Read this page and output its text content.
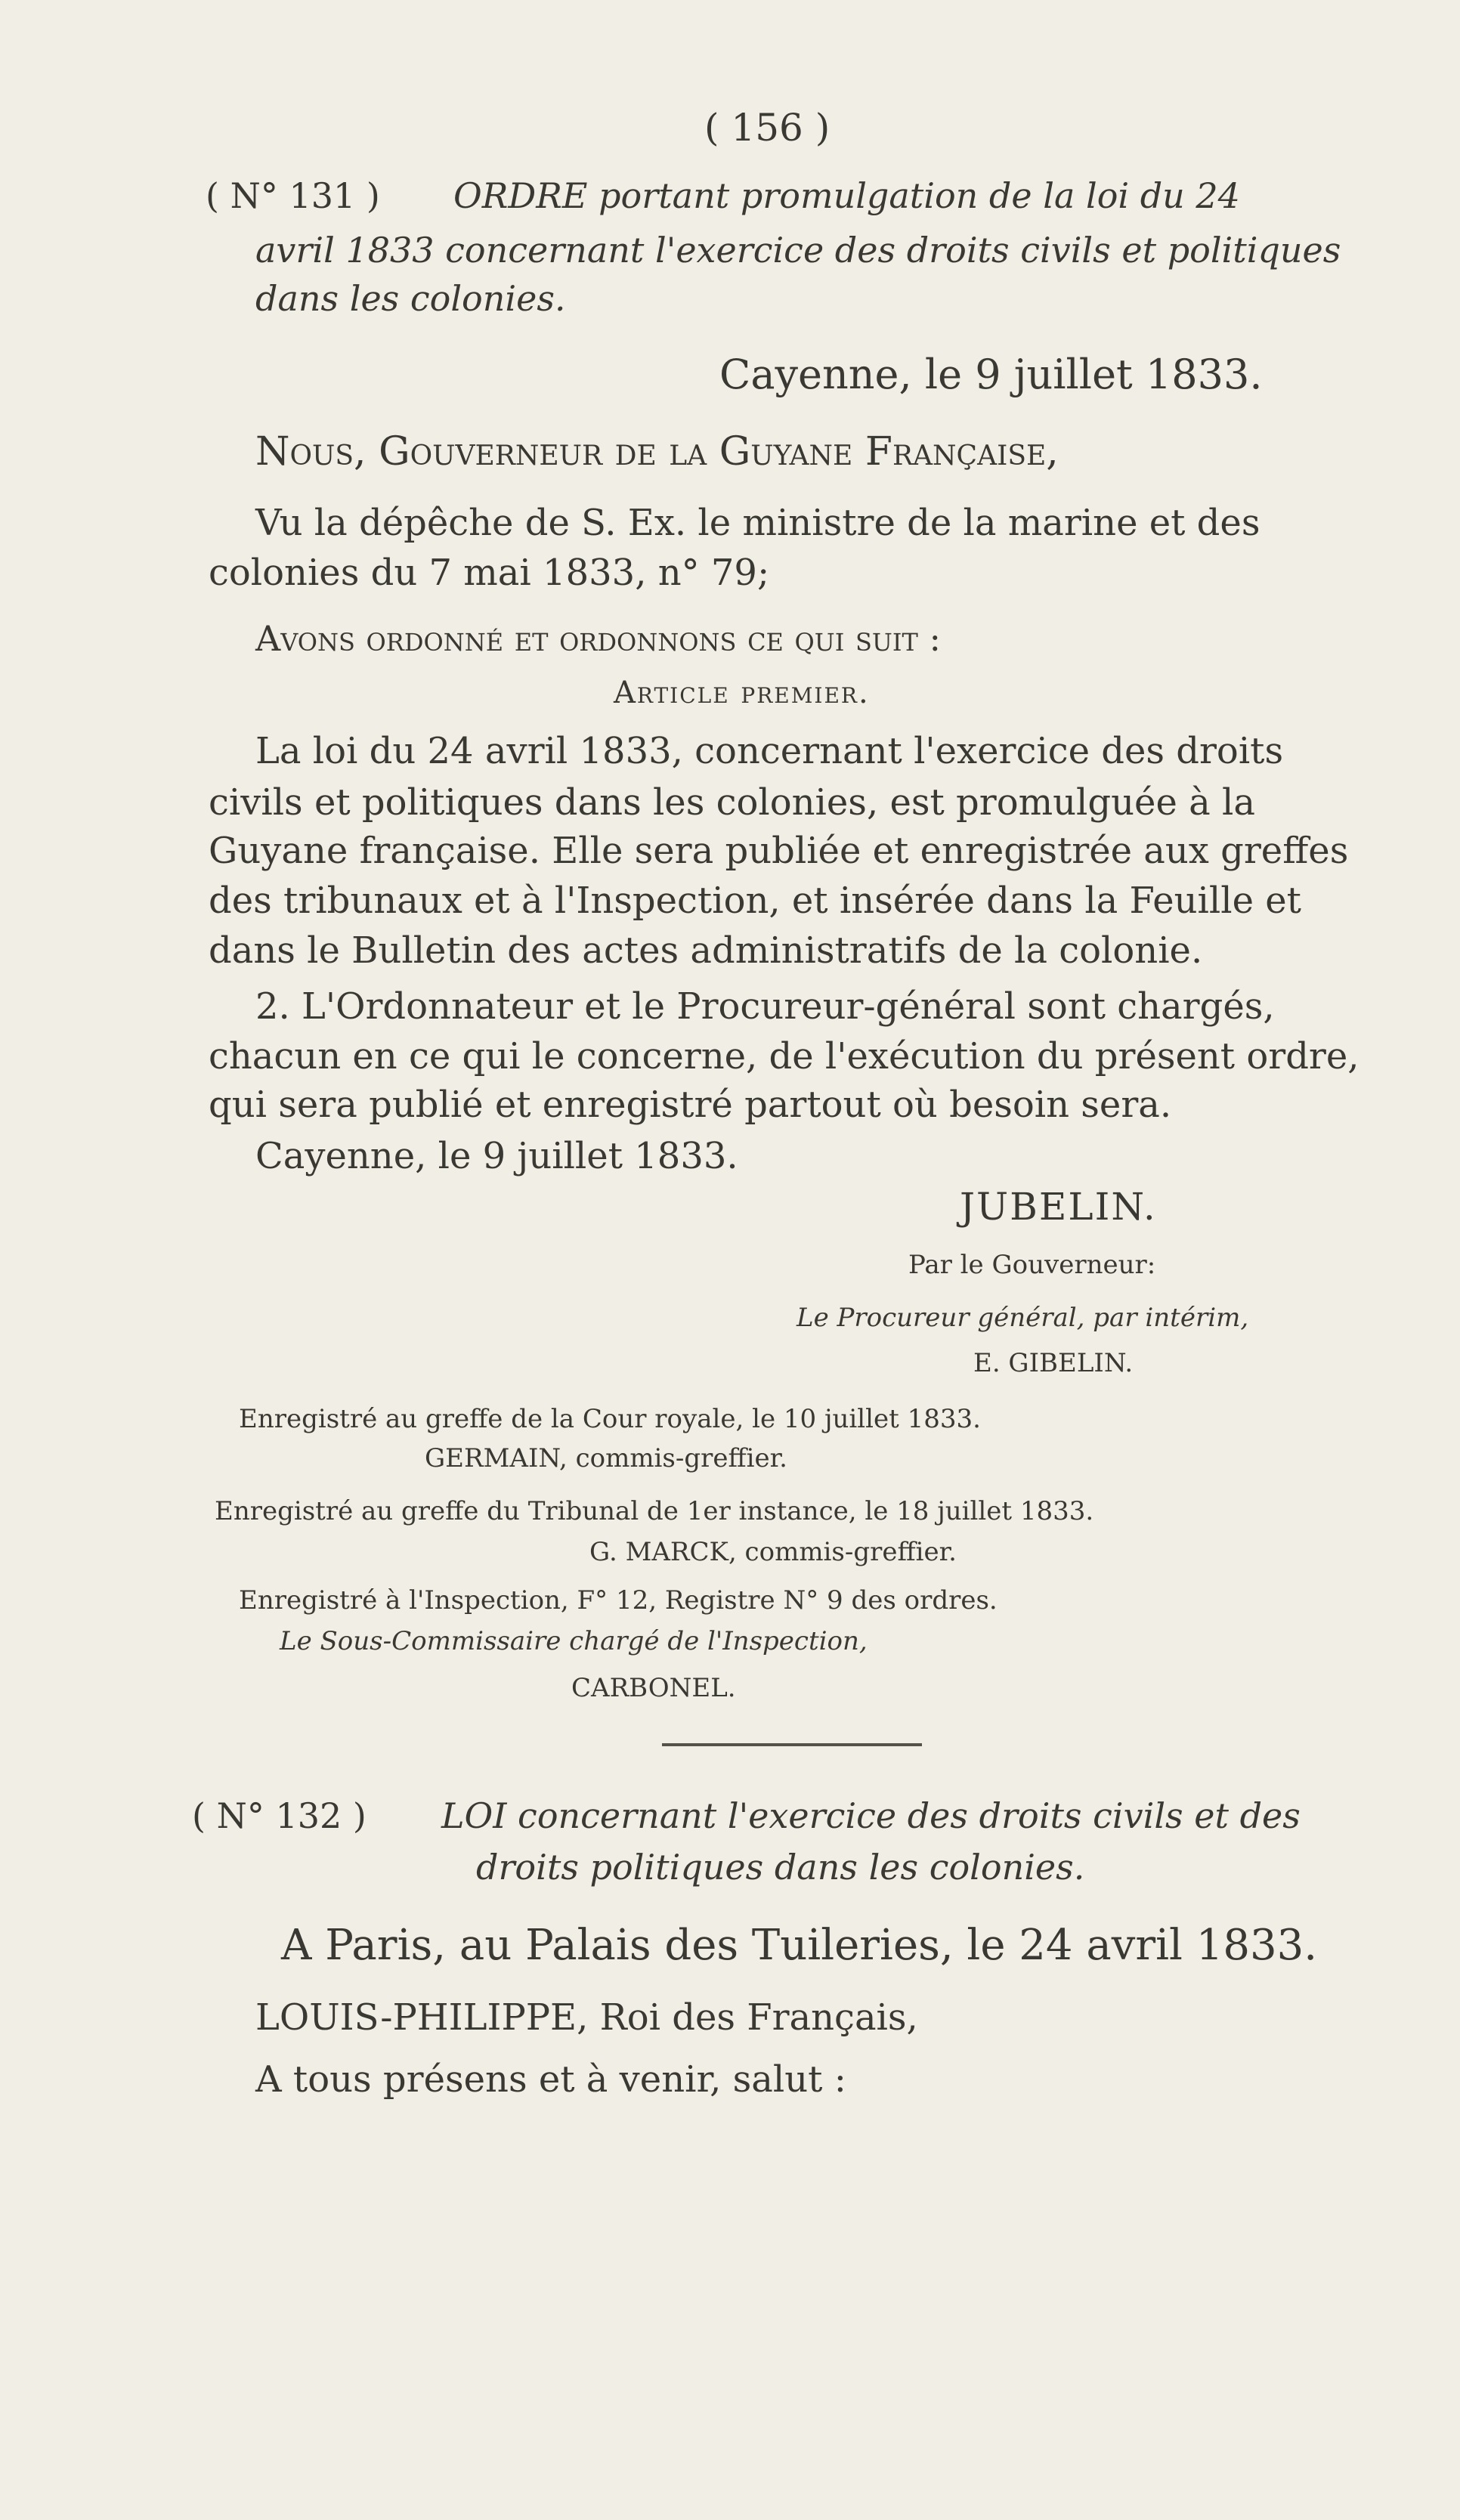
( 156 )
( N° 131 ) ORDRE portant promulgation de la loi du 24
avril 1833 concernant l'exercice des droits civils et politiques
dans les colonies.
Cayenne, le 9 juillet 1833.
Nous, Gouverneur de la Guyane Française,
Vu la dépêche de S. Ex. le ministre de la marine et des
colonies du 7 mai 1833, n° 79;
Avons ordonné et ordonnons ce qui suit :
Article premier.
La loi du 24 avril 1833, concernant l'exercice des droits
civils et politiques dans les colonies, est promulguée à la
Guyane française. Elle sera publiée et enregistrée aux greffes
des tribunaux et à l'Inspection, et insérée dans la Feuille et
dans le Bulletin des actes administratifs de la colonie.
2. L'Ordonnateur et le Procureur-général sont chargés,
chacun en ce qui le concerne, de l'exécution du présent ordre,
qui sera publié et enregistré partout où besoin sera.
Cayenne, le 9 juillet 1833.
JUBELIN.
Par le Gouverneur:
Le Procureur général, par intérim,
E. GIBELIN.
Enregistré au greffe de la Cour royale, le 10 juillet 1833.
GERMAIN, commis-greffier.
Enregistré au greffe du Tribunal de 1er instance, le 18 juillet 1833.
G. MARCK, commis-greffier.
Enregistré à l'Inspection, F° 12, Registre N° 9 des ordres.
Le Sous-Commissaire chargé de l'Inspection,
CARBONEL.
( N° 132 ) LOI concernant l'exercice des droits civils et des
droits politiques dans les colonies.
A Paris, au Palais des Tuileries, le 24 avril 1833.
LOUIS-PHILIPPE, Roi des Français,
A tous présens et à venir, salut :
